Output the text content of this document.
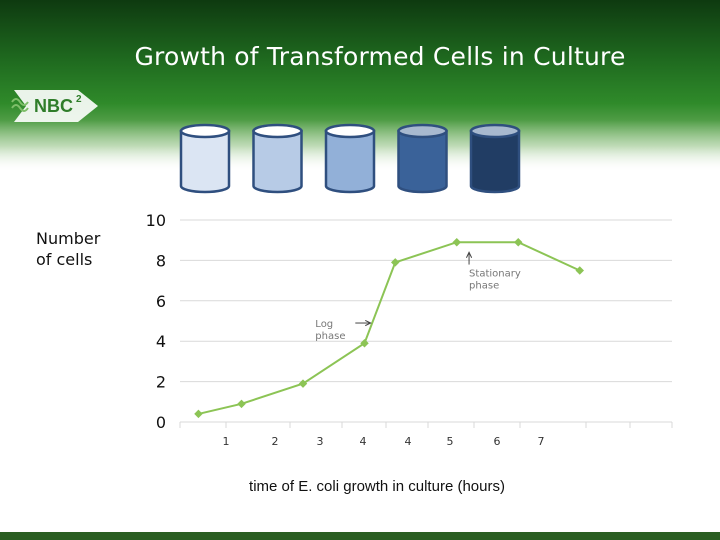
Growth of Transformed Cells in Culture
NBC 2
0
2
4
6
8
10
1	2	3	4	4	5	6	7
Log
phase
Stationary
phase
Number
of cells
time of E. coli growth in culture (hours)
